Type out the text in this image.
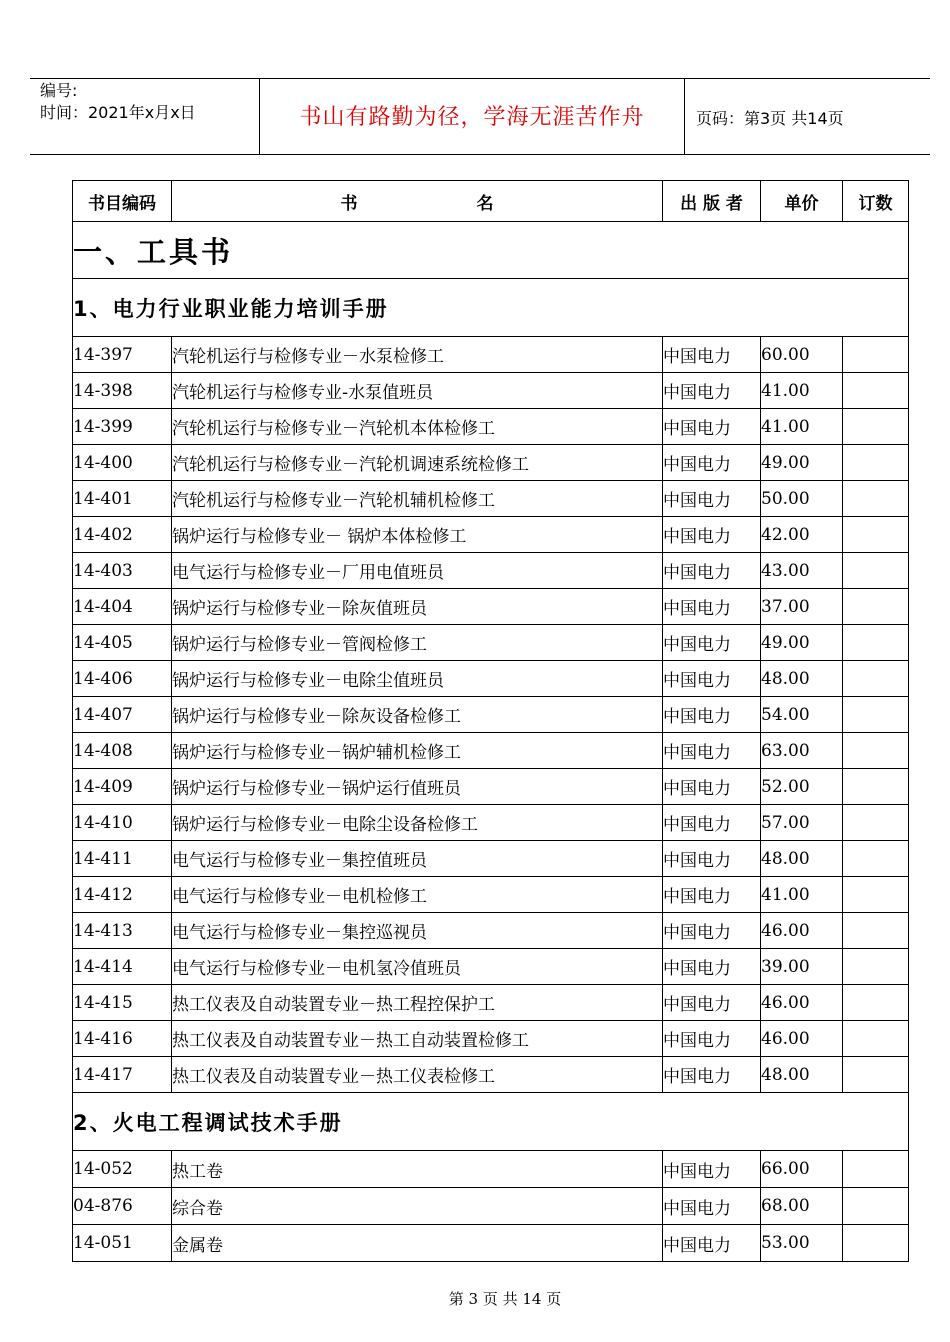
编号:
时间：2021年x月x日	书山有路勤为径，学海无涯苦作舟	页码：第3页 共14页
书目编码	书　　　　　　　名	出 版 者	单价	订数
一、工具书				
1、电力行业职业能力培训手册				
14-397	汽轮机运行与检修专业－水泵检修工	中国电力	60.00	
14-398	汽轮机运行与检修专业-水泵值班员	中国电力	41.00	
14-399	汽轮机运行与检修专业－汽轮机本体检修工	中国电力	41.00	
14-400	汽轮机运行与检修专业－汽轮机调速系统检修工	中国电力	49.00	
14-401	汽轮机运行与检修专业－汽轮机辅机检修工	中国电力	50.00	
14-402	锅炉运行与检修专业－ 锅炉本体检修工	中国电力	42.00	
14-403	电气运行与检修专业－厂用电值班员	中国电力	43.00	
14-404	锅炉运行与检修专业－除灰值班员	中国电力	37.00	
14-405	锅炉运行与检修专业－管阀检修工	中国电力	49.00	
14-406	锅炉运行与检修专业－电除尘值班员	中国电力	48.00	
14-407	锅炉运行与检修专业－除灰设备检修工	中国电力	54.00	
14-408	锅炉运行与检修专业－锅炉辅机检修工	中国电力	63.00	
14-409	锅炉运行与检修专业－锅炉运行值班员	中国电力	52.00	
14-410	锅炉运行与检修专业－电除尘设备检修工	中国电力	57.00	
14-411	电气运行与检修专业－集控值班员	中国电力	48.00	
14-412	电气运行与检修专业－电机检修工	中国电力	41.00	
14-413	电气运行与检修专业－集控巡视员	中国电力	46.00	
14-414	电气运行与检修专业－电机氢冷值班员	中国电力	39.00	
14-415	热工仪表及自动装置专业－热工程控保护工	中国电力	46.00	
14-416	热工仪表及自动装置专业－热工自动装置检修工	中国电力	46.00	
14-417	热工仪表及自动装置专业－热工仪表检修工	中国电力	48.00	
2、火电工程调试技术手册				
14-052	热工卷	中国电力	66.00	
04-876	综合卷	中国电力	68.00	
14-051	金属卷	中国电力	53.00	
第 3 页 共 14 页
